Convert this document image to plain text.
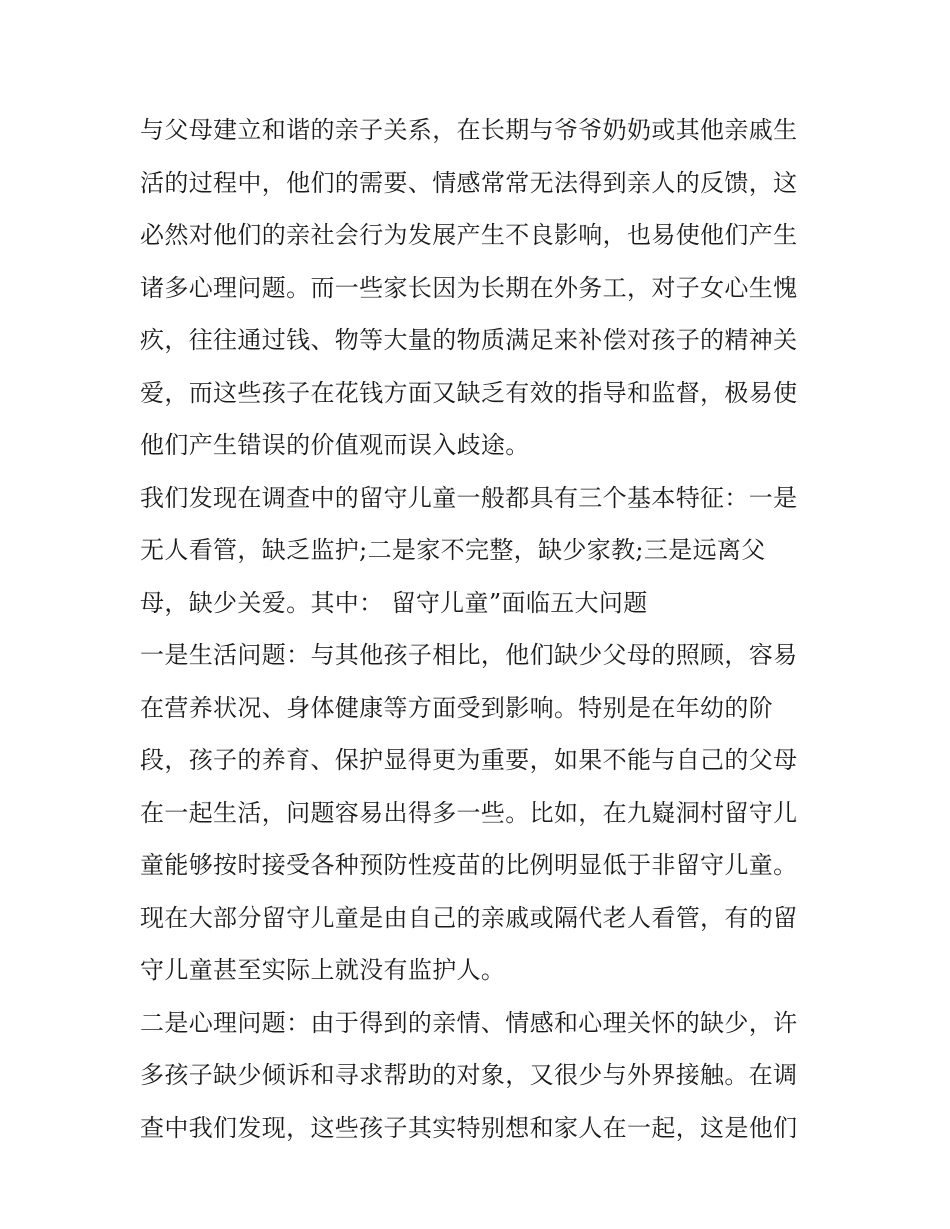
与父母建立和谐的亲子关系，在长期与爷爷奶奶或其他亲戚生
活的过程中，他们的需要、情感常常无法得到亲人的反馈，这
必然对他们的亲社会行为发展产生不良影响，也易使他们产生
诸多心理问题。而一些家长因为长期在外务工，对子女心生愧
疚，往往通过钱、物等大量的物质满足来补偿对孩子的精神关
爱，而这些孩子在花钱方面又缺乏有效的指导和监督，极易使
他们产生错误的价值观而误入歧途。
我们发现在调查中的留守儿童一般都具有三个基本特征：一是
无人看管，缺乏监护;二是家不完整，缺少家教;三是远离父
母，缺少关爱。其中： 留守儿童”面临五大问题
一是生活问题：与其他孩子相比，他们缺少父母的照顾，容易
在营养状况、身体健康等方面受到影响。特别是在年幼的阶
段，孩子的养育、保护显得更为重要，如果不能与自己的父母
在一起生活，问题容易出得多一些。比如，在九嶷洞村留守儿
童能够按时接受各种预防性疫苗的比例明显低于非留守儿童。
现在大部分留守儿童是由自己的亲戚或隔代老人看管，有的留
守儿童甚至实际上就没有监护人。
二是心理问题：由于得到的亲情、情感和心理关怀的缺少，许
多孩子缺少倾诉和寻求帮助的对象，又很少与外界接触。在调
查中我们发现，这些孩子其实特别想和家人在一起，这是他们
